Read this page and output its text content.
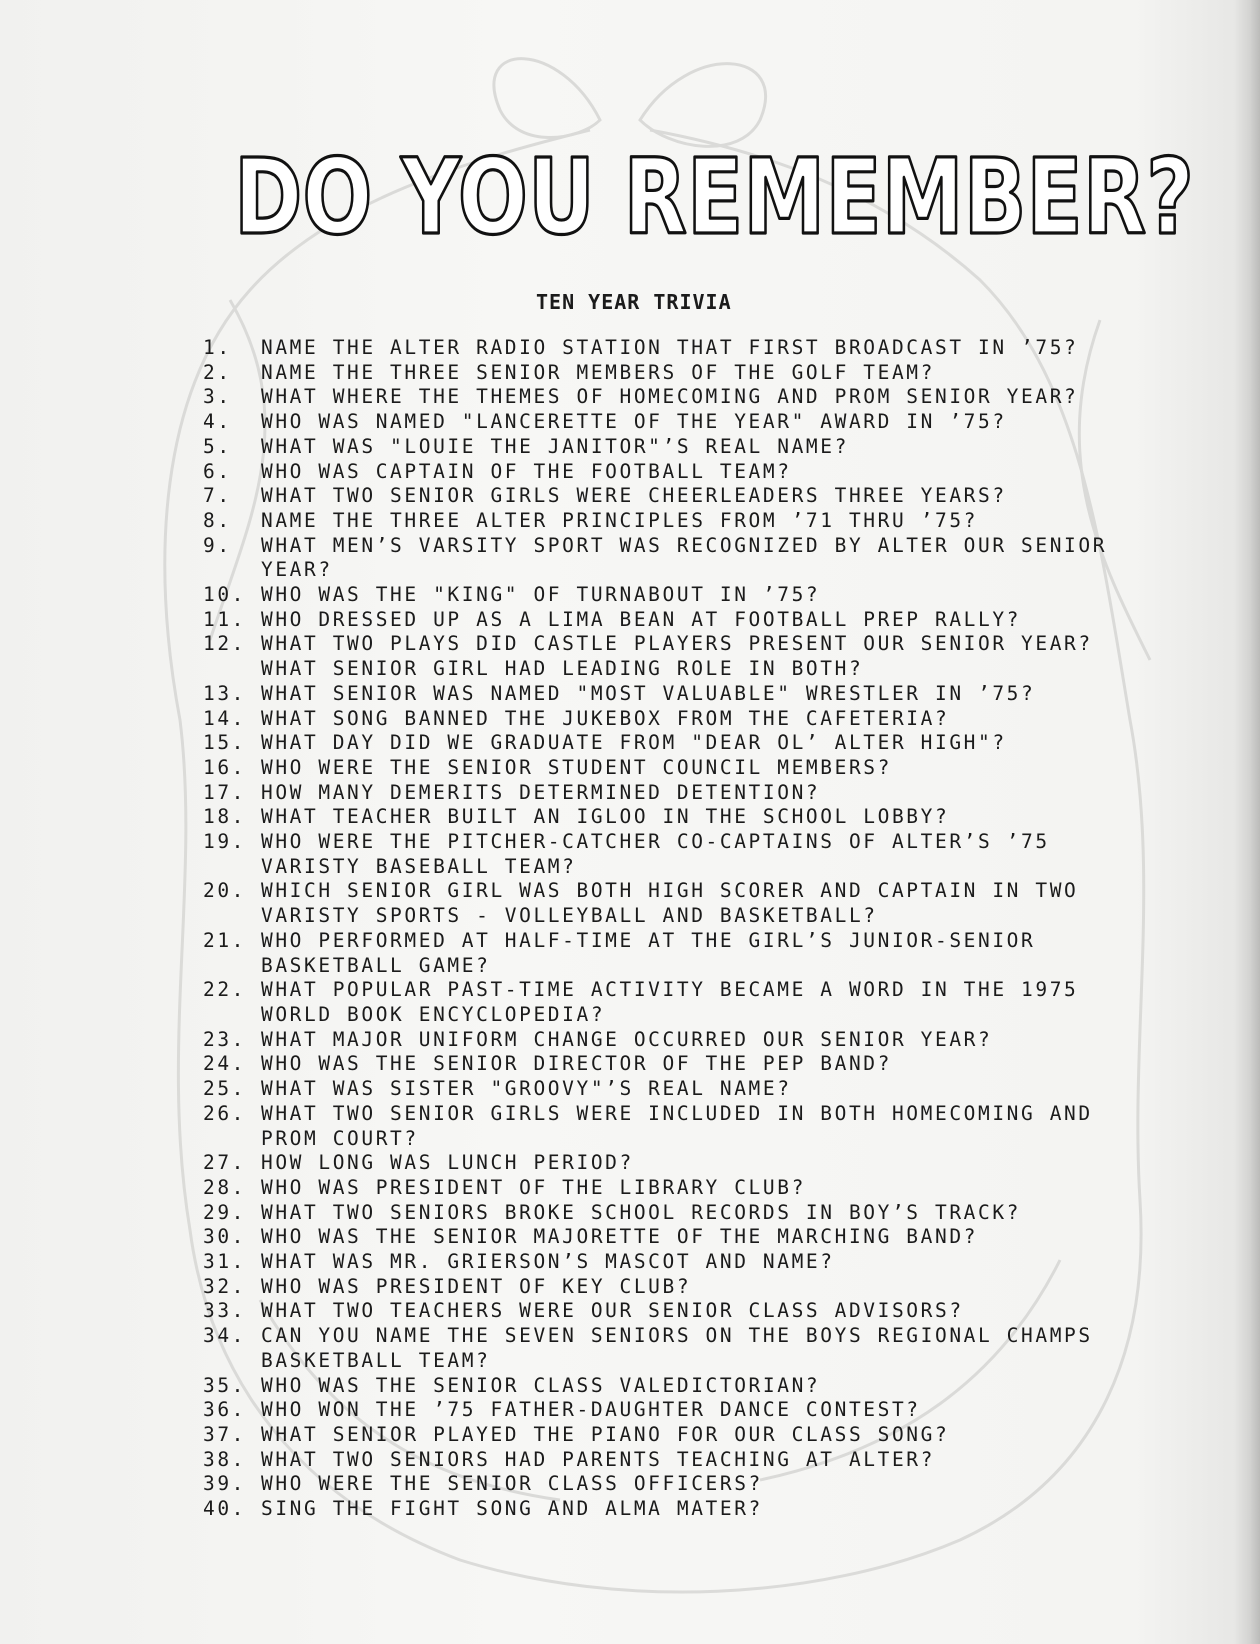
DO YOU REMEMBER?
TEN YEAR TRIVIA
1.	NAME THE ALTER RADIO STATION THAT FIRST BROADCAST IN ’75?
2.	NAME THE THREE SENIOR MEMBERS OF THE GOLF TEAM?
3.	WHAT WHERE THE THEMES OF HOMECOMING AND PROM SENIOR YEAR?
4.	WHO WAS NAMED "LANCERETTE OF THE YEAR" AWARD IN ’75?
5.	WHAT WAS "LOUIE THE JANITOR"’S REAL NAME?
6.	WHO WAS CAPTAIN OF THE FOOTBALL TEAM?
7.	WHAT TWO SENIOR GIRLS WERE CHEERLEADERS THREE YEARS?
8.	NAME THE THREE ALTER PRINCIPLES FROM ’71 THRU ’75?
9.	WHAT MEN’S VARSITY SPORT WAS RECOGNIZED BY ALTER OUR SENIOR YEAR?
10. WHO WAS THE "KING" OF TURNABOUT IN ’75?
11. WHO DRESSED UP AS A LIMA BEAN AT FOOTBALL PREP RALLY?
12. WHAT TWO PLAYS DID CASTLE PLAYERS PRESENT OUR SENIOR YEAR?  WHAT SENIOR GIRL HAD LEADING ROLE IN BOTH?
13. WHAT SENIOR WAS NAMED "MOST VALUABLE" WRESTLER IN ’75?
14. WHAT SONG BANNED THE JUKEBOX FROM THE CAFETERIA?
15. WHAT DAY DID WE GRADUATE FROM "DEAR OL’ ALTER HIGH"?
16. WHO WERE THE SENIOR STUDENT COUNCIL MEMBERS?
17. HOW MANY DEMERITS DETERMINED DETENTION?
18. WHAT TEACHER BUILT AN IGLOO IN THE SCHOOL LOBBY?
19. WHO WERE THE PITCHER-CATCHER CO-CAPTAINS OF ALTER’S ’75 VARISTY BASEBALL TEAM?
20. WHICH SENIOR GIRL WAS BOTH HIGH SCORER AND CAPTAIN IN TWO VARISTY SPORTS - VOLLEYBALL AND BASKETBALL?
21. WHO PERFORMED AT HALF-TIME AT THE GIRL’S JUNIOR-SENIOR BASKETBALL GAME?
22. WHAT POPULAR PAST-TIME ACTIVITY BECAME A WORD IN THE 1975 WORLD BOOK ENCYCLOPEDIA?
23. WHAT MAJOR UNIFORM CHANGE OCCURRED OUR SENIOR YEAR?
24. WHO WAS THE SENIOR DIRECTOR OF THE PEP BAND?
25. WHAT WAS SISTER "GROOVY"’S REAL NAME?
26. WHAT TWO SENIOR GIRLS WERE INCLUDED IN BOTH HOMECOMING AND PROM COURT?
27. HOW LONG WAS LUNCH PERIOD?
28. WHO WAS PRESIDENT OF THE LIBRARY CLUB?
29. WHAT TWO SENIORS BROKE SCHOOL RECORDS IN BOY’S TRACK?
30. WHO WAS THE SENIOR MAJORETTE OF THE MARCHING BAND?
31. WHAT WAS MR. GRIERSON’S MASCOT AND NAME?
32. WHO WAS PRESIDENT OF KEY CLUB?
33. WHAT TWO TEACHERS WERE OUR SENIOR CLASS ADVISORS?
34. CAN YOU NAME THE SEVEN SENIORS ON THE BOYS REGIONAL CHAMPS BASKETBALL TEAM?
35. WHO WAS THE SENIOR CLASS VALEDICTORIAN?
36. WHO WON THE ’75 FATHER-DAUGHTER DANCE CONTEST?
37. WHAT SENIOR PLAYED THE PIANO FOR OUR CLASS SONG?
38. WHAT TWO SENIORS HAD PARENTS TEACHING AT ALTER?
39. WHO WERE THE SENIOR CLASS OFFICERS?
40. SING THE FIGHT SONG AND ALMA MATER?
